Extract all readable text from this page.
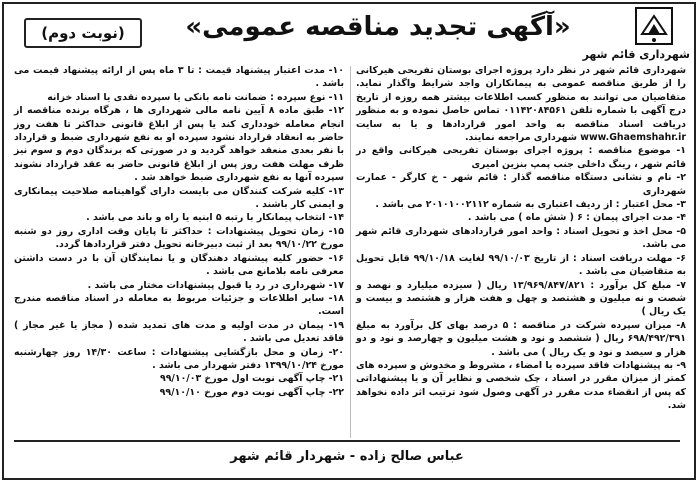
(نوبت دوم)	«آگهی تجدید مناقصه عمومی»
شهرداری قائم شهر

شهرداری قائم شهر در نظر دارد پروژه اجرای بوستان تفریحی هیرکانی را از طریق مناقصه عمومی به پیمانکاران واجد شرایط واگذار نماید. متقاضیان می توانند به منظور کسب اطلاعات بیشتر همه روزه از تاریخ درج آگهی با شماره تلفن ۰۱۱۴۲۰۸۴۵۶۱ تماس حاصل نموده و به منظور دریافت اسناد مناقصه به واحد امور قراردادها و یا به سایت www.Ghaemshahr.ir شهرداری مراجعه نمایند.

۱- موضوع مناقصه : پروژه اجرای بوستان تفریحی هیرکانی واقع در قائم شهر ، رینگ داخلی جنب پمپ بنزین امیری

۲- نام و نشانی دستگاه مناقصه گذار : قائم شهر - خ کارگر - عمارت شهرداری

۳- محل اعتبار : از ردیف اعتباری به شماره ۲۰۱۰۱۰۰۲۱۱۲ می باشد .

۴- مدت اجرای پیمان : ۶ ( شش ماه ) می باشد .

۵- محل اخذ و تحویل اسناد : واحد امور قراردادهای شهرداری قائم شهر می باشد.

۶- مهلت دریافت اسناد : از تاریخ ۹۹/۱۰/۰۳ لغایت ۹۹/۱۰/۱۸ قابل تحویل به متقاضیان می باشد .

۷- مبلغ کل برآورد : ۱۳/۹۶۹/۸۴۷/۸۲۱ ریال ( سیزده میلیارد و نهصد و شصت و نه میلیون و هشتصد و چهل و هفت هزار و هشتصد و بیست و یک ریال )

۸- میزان سپرده شرکت در مناقصه : ۵ درصد بهای کل برآورد به مبلغ ۶۹۸/۴۹۲/۳۹۱ ریال ( ششصد و نود و هشت میلیون و چهارصد و نود و دو هزار و سیصد و نود و یک ریال ) می باشد .

۹- به پیشنهادات فاقد سپرده یا امضاء ، مشروط و مخدوش و سپرده های کمتر از میزان مقرر در اسناد ، چک شخصی و نظایر آن و یا پیشنهاداتی که پس از انقضاء مدت مقرر در آگهی وصول شود ترتیب اثر داده نخواهد شد.

۱۰- مدت اعتبار پیشنهاد قیمت : تا ۳ ماه پس از ارائه پیشنهاد قیمت می باشد .

۱۱- نوع سپرده : ضمانت نامه بانکی یا سپرده نقدی یا اسناد خزانه

۱۲- طبق ماده ۸ آیین نامه مالی شهرداری ها ، هرگاه برنده مناقصه از انجام معامله خودداری کند یا پس از ابلاغ قانونی حداکثر تا هفت روز حاضر به انعقاد قرارداد نشود سپرده او به نفع شهرداری ضبط و قرارداد با نفر بعدی منعقد خواهد گردید و در صورتی که برندگان دوم و سوم نیز ظرف مهلت هفت روز پس از ابلاغ قانونی حاضر به عقد قرارداد نشوند سپرده آنها به نفع شهرداری ضبط خواهد شد .

۱۳- کلیه شرکت کنندگان می بایست دارای گواهینامه صلاحیت پیمانکاری و ایمنی کار باشند .

۱۴- انتخاب پیمانکار با رتبه ۵ ابنیه یا راه و باند می باشد .

۱۵- زمان تحویل پیشنهادات : حداکثر تا پایان وقت اداری روز دو شنبه مورخ ۹۹/۱۰/۲۲ بعد از ثبت دبیرخانه تحویل دفتر قراردادها گردد.

۱۶- حضور کلیه پیشنهاد دهندگان و یا نمایندگان آن با در دست داشتن معرفی نامه بلامانع می باشد .

۱۷- شهرداری در رد یا قبول پیشنهادات مختار می باشد .

۱۸- سایر اطلاعات و جزئیات مربوط به معامله در اسناد مناقصه مندرج است.

۱۹- پیمان در مدت اولیه و مدت های تمدید شده ( مجاز یا غیر مجاز ) فاقد تعدیل می باشد .

۲۰- زمان و محل بازگشایی پیشنهادات : ساعت ۱۴/۳۰ روز چهارشنبه مورخ ۱۳۹۹/۱۰/۲۴ دفتر شهردار می باشد .

۲۱- چاپ آگهی نوبت اول مورخ ۹۹/۱۰/۰۳

۲۲- چاپ آگهی نوبت دوم مورخ ۹۹/۱۰/۱۰

عباس صالح زاده - شهردار قائم شهر
